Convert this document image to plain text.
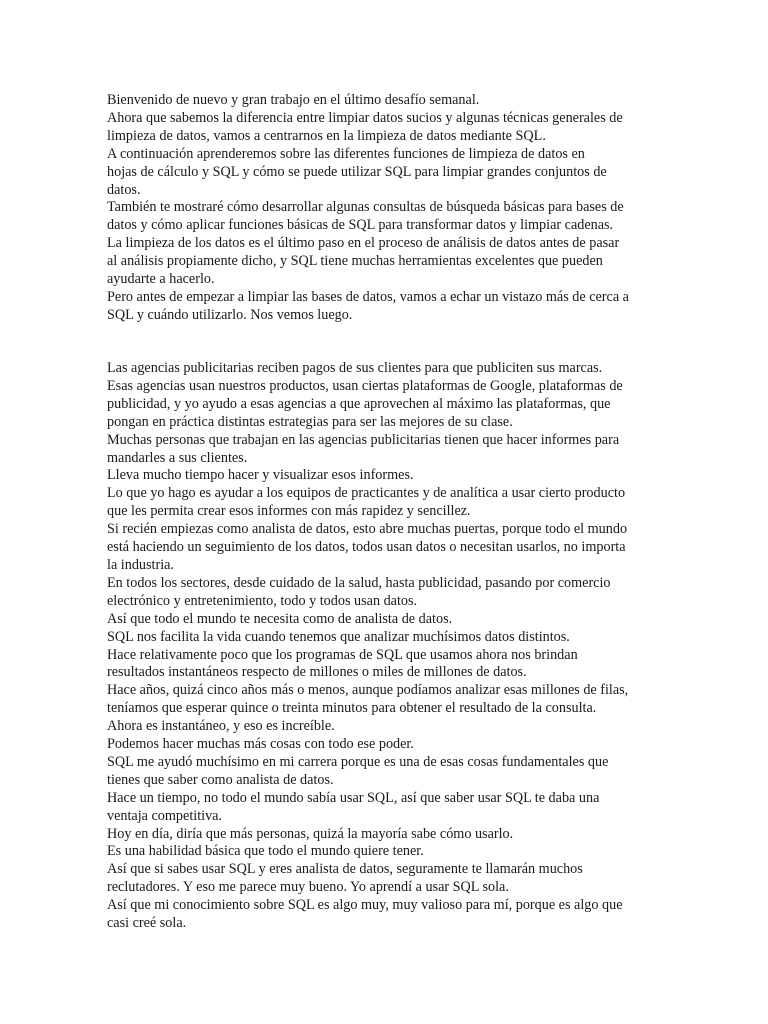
Bienvenido de nuevo y gran trabajo en el último desafío semanal.
Ahora que sabemos la diferencia entre limpiar datos sucios y algunas técnicas generales de
limpieza de datos, vamos a centrarnos en la limpieza de datos mediante SQL.
A continuación aprenderemos sobre las diferentes funciones de limpieza de datos en
hojas de cálculo y SQL y cómo se puede utilizar SQL para limpiar grandes conjuntos de
datos.
También te mostraré cómo desarrollar algunas consultas de búsqueda básicas para bases de
datos y cómo aplicar funciones básicas de SQL para transformar datos y limpiar cadenas.
La limpieza de los datos es el último paso en el proceso de análisis de datos antes de pasar
al análisis propiamente dicho, y SQL tiene muchas herramientas excelentes que pueden
ayudarte a hacerlo.
Pero antes de empezar a limpiar las bases de datos, vamos a echar un vistazo más de cerca a
SQL y cuándo utilizarlo. Nos vemos luego.
Las agencias publicitarias reciben pagos de sus clientes para que publiciten sus marcas.
Esas agencias usan nuestros productos, usan ciertas plataformas de Google, plataformas de
publicidad, y yo ayudo a esas agencias a que aprovechen al máximo las plataformas, que
pongan en práctica distintas estrategias para ser las mejores de su clase.
Muchas personas que trabajan en las agencias publicitarias tienen que hacer informes para
mandarles a sus clientes.
Lleva mucho tiempo hacer y visualizar esos informes.
Lo que yo hago es ayudar a los equipos de practicantes y de analítica a usar cierto producto
que les permita crear esos informes con más rapidez y sencillez.
Si recién empiezas como analista de datos, esto abre muchas puertas, porque todo el mundo
está haciendo un seguimiento de los datos, todos usan datos o necesitan usarlos, no importa
la industria.
En todos los sectores, desde cuidado de la salud, hasta publicidad, pasando por comercio
electrónico y entretenimiento, todo y todos usan datos.
Así que todo el mundo te necesita como de analista de datos.
SQL nos facilita la vida cuando tenemos que analizar muchísimos datos distintos.
Hace relativamente poco que los programas de SQL que usamos ahora nos brindan
resultados instantáneos respecto de millones o miles de millones de datos.
Hace años, quizá cinco años más o menos, aunque podíamos analizar esas millones de filas,
teníamos que esperar quince o treinta minutos para obtener el resultado de la consulta.
Ahora es instantáneo, y eso es increíble.
Podemos hacer muchas más cosas con todo ese poder.
SQL me ayudó muchísimo en mi carrera porque es una de esas cosas fundamentales que
tienes que saber como analista de datos.
Hace un tiempo, no todo el mundo sabía usar SQL, así que saber usar SQL te daba una
ventaja competitiva.
Hoy en día, diría que más personas, quizá la mayoría sabe cómo usarlo.
Es una habilidad básica que todo el mundo quiere tener.
Así que si sabes usar SQL y eres analista de datos, seguramente te llamarán muchos
reclutadores. Y eso me parece muy bueno. Yo aprendí a usar SQL sola.
Así que mi conocimiento sobre SQL es algo muy, muy valioso para mí, porque es algo que
casi creé sola.
